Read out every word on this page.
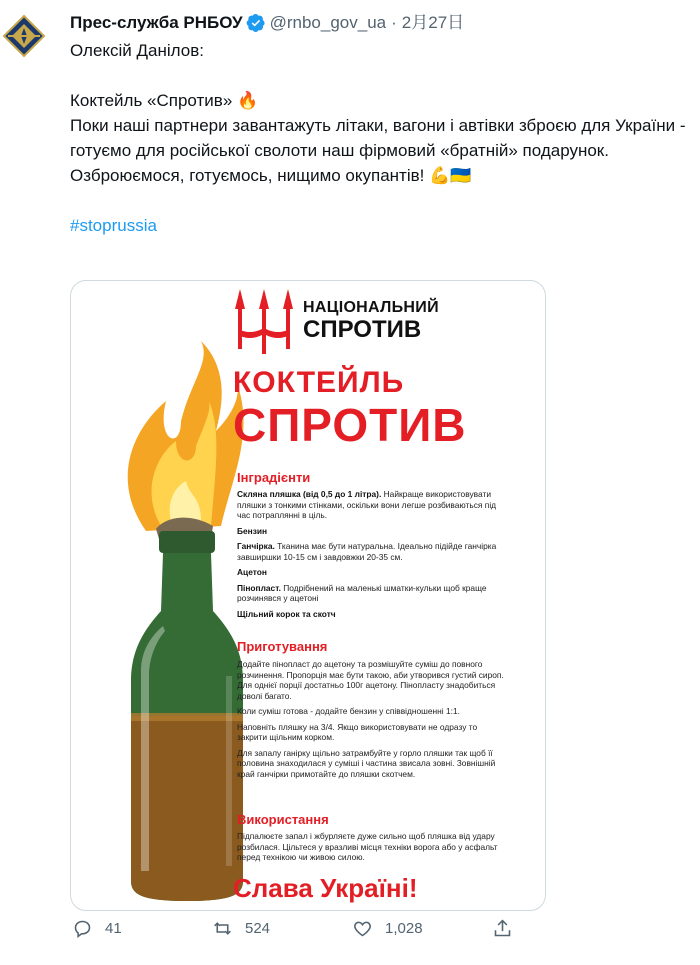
Прес-служба РНБОУ @rnbo_gov_ua · 2月27日
Олексій Данілов:
Коктейль «Спротив» 🔥
Поки наші партнери завантажуть літаки, вагони і автівки зброєю для України - готуємо для російської сволоти наш фірмовий «братній» подарунок.
Озброюємося, готуємось, нищимо окупантів! 💪🇺🇦
#stoprussia
НАЦІОНАЛЬНИЙ
СПРОТИВ
КОКТЕЙЛЬ
СПРОТИВ
Інградієнти
Скляна пляшка (від 0,5 до 1 літра). Найкраще використовувати пляшки з тонкими стінками, оскільки вони легше розбиваються під час потраплянні в ціль.
Бензин
Ганчірка. Тканина має бути натуральна. Ідеально підійде ганчірка завширшки 10-15 см і завдовжки 20-35 см.
Ацетон
Пінопласт. Подрібнений на маленькі шматки-кульки щоб краще розчинявся у ацетоні
Щільний корок та скотч
Приготування
Додайте пінопласт до ацетону та розмішуйте суміш до повного розчинення. Пропорція має бути такою, аби утворився густий сироп. Для однієї порції достатньо 100г ацетону. Пінопласту знадобиться доволі багато.
Коли суміш готова - додайте бензин у співвідношенні 1:1.
Наповніть пляшку на 3/4. Якщо використовувати не одразу то закрити щільним корком.
Для запалу ганірку щільно затрамбуйте у горло пляшки так щоб її половина знаходилася у суміші і частина звисала зовні. Зовнішній край ганчірки примотайте до пляшки скотчем.
Використання
Підпалюєте запал і жбурляєте дуже сильно щоб пляшка від удару розбилася. Цільтеся у вразливі місця техніки ворога або у асфальт перед технікою чи живою силою.
Слава Україні!
41	524	1,028
